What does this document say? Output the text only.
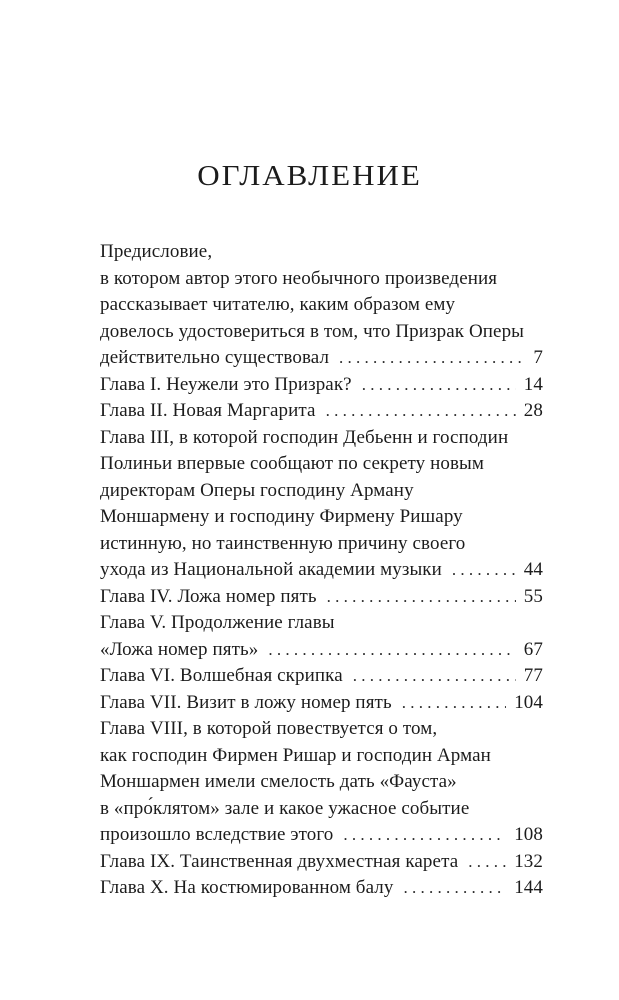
ОГЛАВЛЕНИЕ
Предисловие,
в котором автор этого необычного произведения
рассказывает читателю, каким образом ему
довелось удостовериться в том, что Призрак Оперы
действительно существовал . . .	7
Глава I. Неужели это Призрак? . . .	14
Глава II. Новая Маргарита . . .	28
Глава III, в которой господин Дебьенн и господин
Полиньи впервые сообщают по секрету новым
директорам Оперы господину Арману
Моншармену и господину Фирмену Ришару
истинную, но таинственную причину своего
ухода из Национальной академии музыки . . .	44
Глава IV. Ложа номер пять . . .	55
Глава V. Продолжение главы
«Ложа номер пять» . . .	67
Глава VI. Волшебная скрипка . . .	77
Глава VII. Визит в ложу номер пять . . .	104
Глава VIII, в которой повествуется о том,
как господин Фирмен Ришар и господин Арман
Моншармен имели смелость дать «Фауста»
в «про́клятом» зале и какое ужасное событие
произошло вследствие этого . . .	108
Глава IX. Таинственная двухместная карета . . .	132
Глава X. На костюмированном балу . . .	144
